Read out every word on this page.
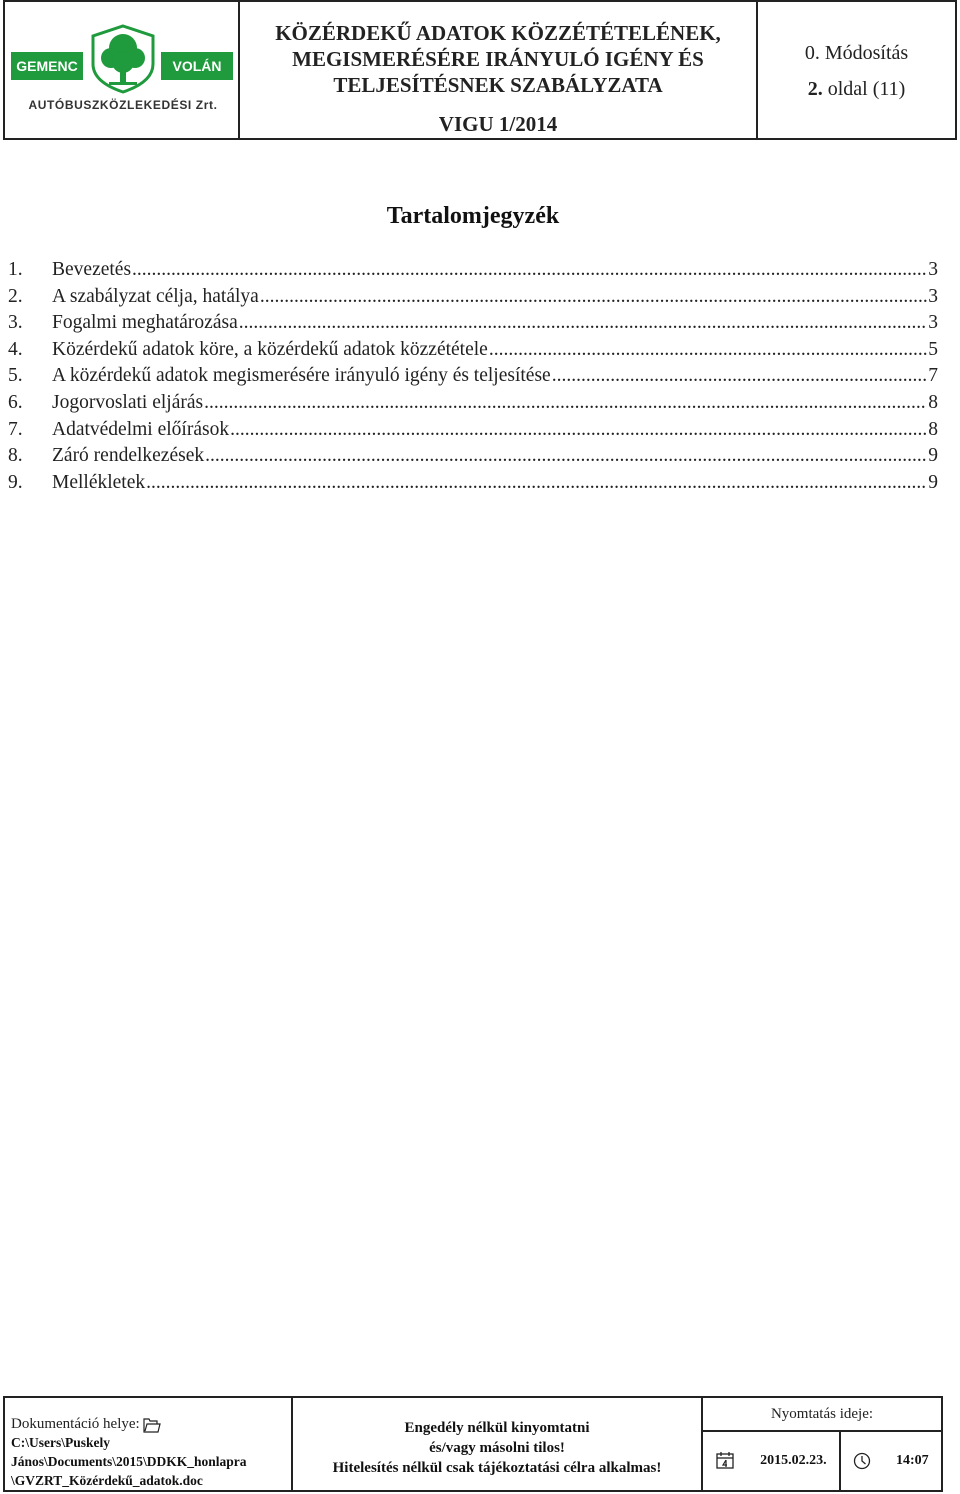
GEMENC	VOLÁN
AUTÓBUSZKÖZLEKEDÉSI Zrt.
KÖZÉRDEKŰ ADATOK KÖZZÉTÉTELÉNEK,
MEGISMERÉSÉRE IRÁNYULÓ IGÉNY ÉS
TELJESÍTÉSNEK SZABÁLYZATA
VIGU 1/2014
0. Módosítás
2. oldal (11)
Tartalomjegyzék
1.	Bevezetés .....	3
2.	A szabályzat célja, hatálya .....	3
3.	Fogalmi meghatározása .....	3
4.	Közérdekű adatok köre, a közérdekű adatok közzététele .....	5
5.	A közérdekű adatok megismerésére irányuló igény és teljesítése .....	7
6.	Jogorvoslati eljárás .....	8
7.	Adatvédelmi előírások .....	8
8.	Záró rendelkezések .....	9
9.	Mellékletek .....	9
Dokumentáció helye:
C:\Users\Puskely
János\Documents\2015\DDKK_honlapra
\GVZRT_Közérdekű_adatok.doc
Engedély nélkül kinyomtatni
és/vagy másolni tilos!
Hitelesítés nélkül csak tájékoztatási célra alkalmas!
Nyomtatás ideje:
2015.02.23.	14:07
